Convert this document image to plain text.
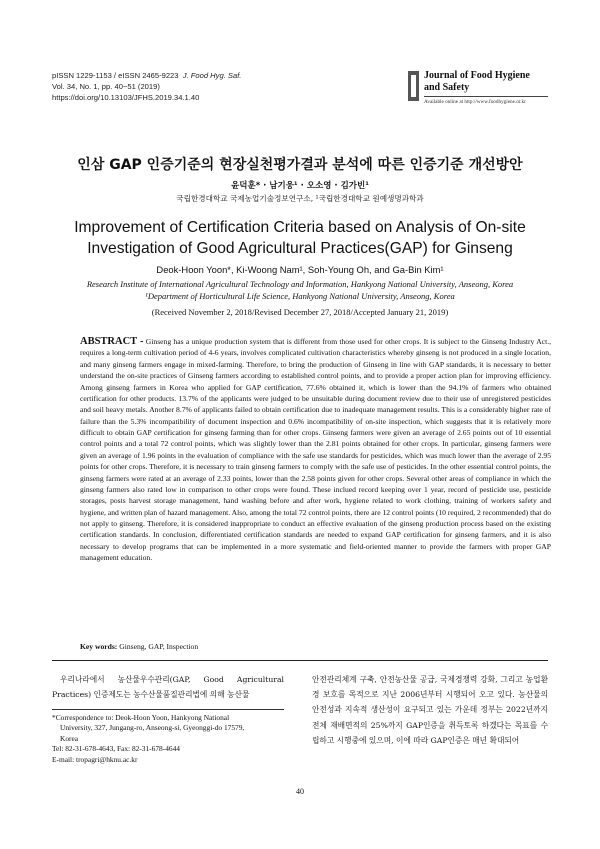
pISSN 1229-1153 / eISSN 2465-9223 J. Food Hyg. Saf.
Vol. 34, No. 1, pp. 40~51 (2019)
https://doi.org/10.13103/JFHS.2019.34.1.40
Journal of Food Hygiene
and Safety
Available online at http://www.foodhygiene.or.kr
인삼 GAP 인증기준의 현장실천평가결과 분석에 따른 인증기준 개선방안
윤덕훈* · 남기웅¹ · 오소영 · 김가빈¹
국립한경대학교 국제농업기술정보연구소, ¹국립한경대학교 원예생명과학과
Improvement of Certification Criteria based on Analysis of On-site
Investigation of Good Agricultural Practices(GAP) for Ginseng
Deok-Hoon Yoon*, Ki-Woong Nam¹, Soh-Young Oh, and Ga-Bin Kim¹
Research Institute of International Agricultural Technology and Information, Hankyong National University, Anseong, Korea
¹Department of Horticultural Life Science, Hankyong National University, Anseong, Korea
(Received November 2, 2018/Revised December 27, 2018/Accepted January 21, 2019)

ABSTRACT - Ginseng has a unique production system that is different from those used for other crops. It is subject to the Ginseng Industry Act., requires a long-term cultivation period of 4-6 years, involves complicated cultivation characteristics whereby ginseng is not produced in a single location, and many ginseng farmers engage in mixed-farming. Therefore, to bring the production of Ginseng in line with GAP standards, it is necessary to better understand the on-site practices of Ginseng farmers according to established control points, and to provide a proper action plan for improving efficiency. Among ginseng farmers in Korea who applied for GAP certification, 77.6% obtained it, which is lower than the 94.1% of farmers who obtained certification for other products. 13.7% of the applicants were judged to be unsuitable during document review due to their use of unregistered pesticides and soil heavy metals. Another 8.7% of applicants failed to obtain certification due to inadequate management results. This is a considerably higher rate of failure than the 5.3% incompatibility of document inspection and 0.6% incompatibility of on-site inspection, which suggests that it is relatively more difficult to obtain GAP certification for ginseng farming than for other crops. Ginseng farmers were given an average of 2.65 points out of 10 essential control points and a total 72 control points, which was slightly lower than the 2.81 points obtained for other crops. In particular, ginseng farmers were given an average of 1.96 points in the evaluation of compliance with the safe use standards for pesticides, which was much lower than the average of 2.95 points for other crops. Therefore, it is necessary to train ginseng farmers to comply with the safe use of pesticides. In the other essential control points, the ginseng farmers were rated at an average of 2.33 points, lower than the 2.58 points given for other crops. Several other areas of compliance in which the ginseng farmers also rated low in comparison to other crops were found. These inclued record keeping over 1 year, record of pesticide use, pesticide storages, posts harvest storage management, hand washing before and after work, hygiene related to work clothing, training of workers safety and hygiene, and written plan of hazard management. Also, among the total 72 control points, there are 12 control points (10 required, 2 recommended) that do not apply to ginseng. Therefore, it is considered inappropriate to conduct an effective evaluation of the ginseng production process based on the existing certification standards. In conclusion, differentiated certification standards are needed to expand GAP certification for ginseng farmers, and it is also necessary to develop programs that can be implemented in a more systematic and field-oriented manner to provide the farmers with proper GAP management education.

Key words: Ginseng, GAP, Inspection

우리나라에서 농산물우수관리(GAP, Good Agricultural Practices) 인증제도는 농수산물품질관리법에 의해 농산물

안전관리체계 구축, 안전농산물 공급, 국제경쟁력 강화, 그리고 농업환경 보호를 목적으로 지난 2006년부터 시행되어 오고 있다. 농산물의 안전성과 지속적 생산성이 요구되고 있는 가운데 정부는 2022년까지 전체 재배면적의 25%까지 GAP인증을 취득토록 하겠다는 목표를 수립하고 시행중에 있으며, 이에 따라 GAP인증은 매년 확대되어

*Correspondence to: Deok-Hoon Yoon, Hankyong National
University, 327, Jungang-ro, Anseong-si, Gyeonggi-do 17579,
Korea
Tel: 82-31-678-4643, Fax: 82-31-678-4644
E-mail: tropagri@hknu.ac.kr
40
